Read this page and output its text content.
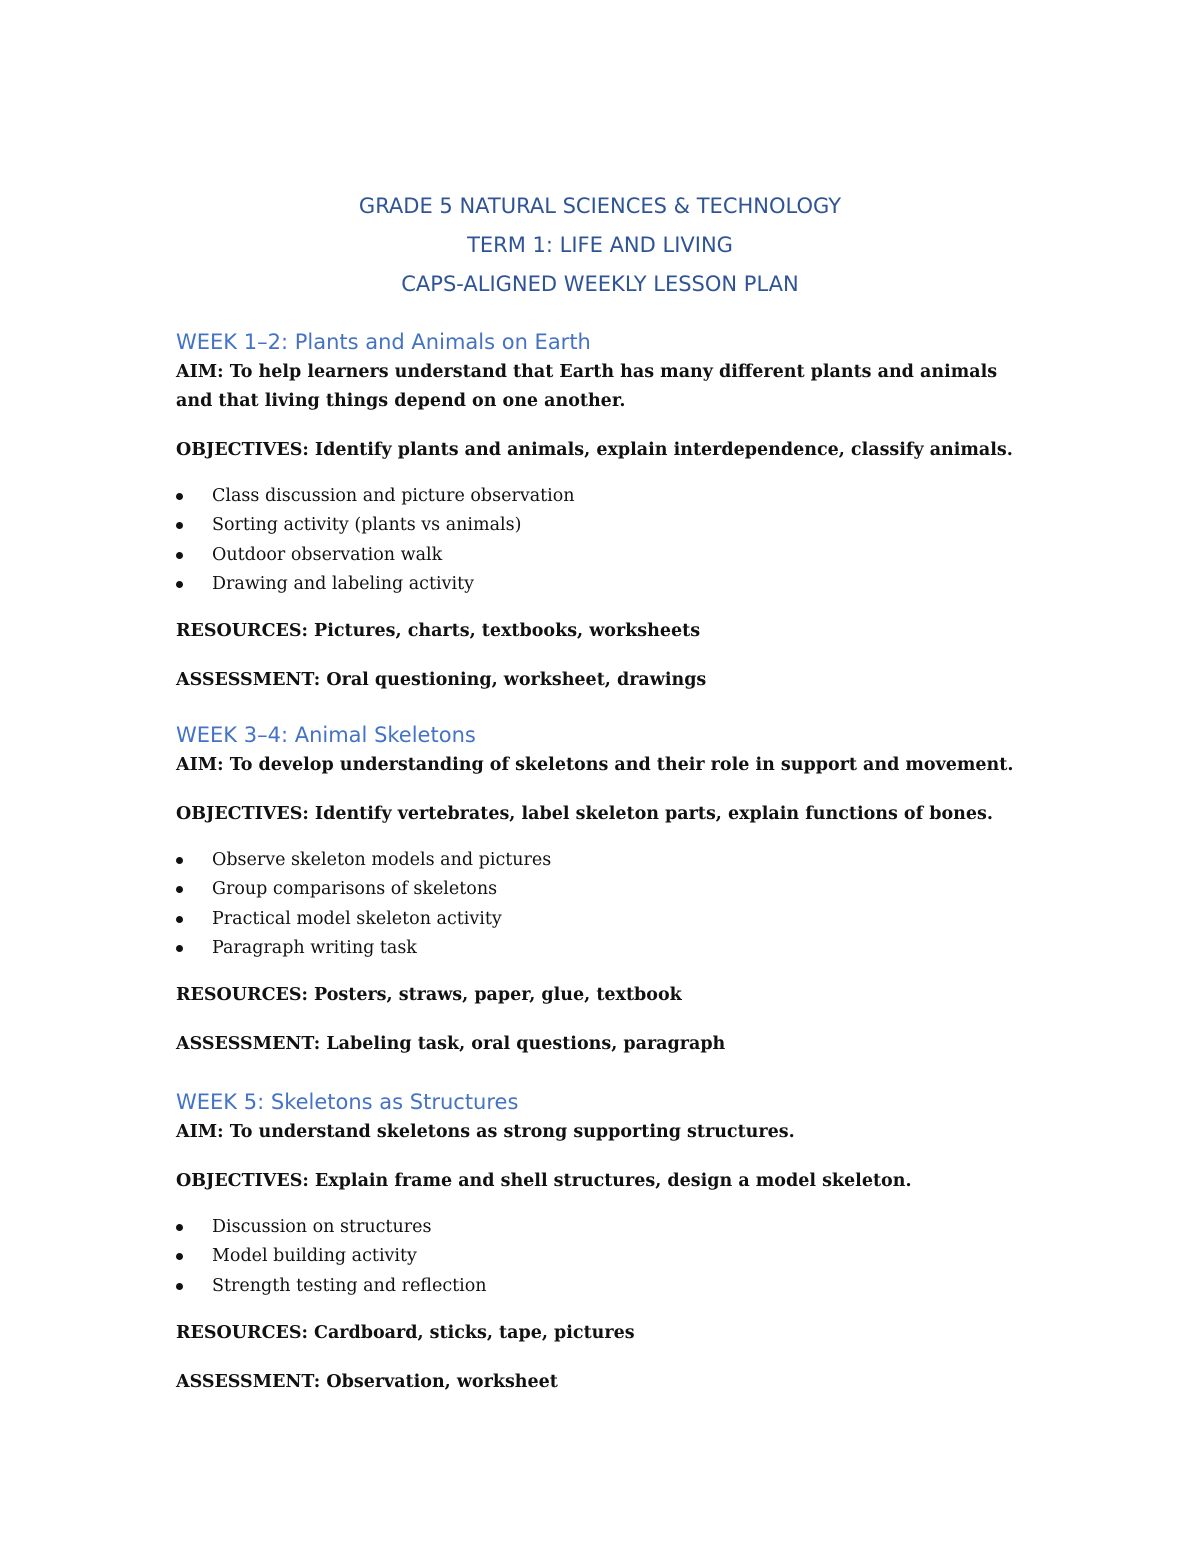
GRADE 5 NATURAL SCIENCES & TECHNOLOGY
TERM 1: LIFE AND LIVING
CAPS-ALIGNED WEEKLY LESSON PLAN
WEEK 1–2: Plants and Animals on Earth

AIM: To help learners understand that Earth has many different plants and animals and that living things depend on one another.

OBJECTIVES: Identify plants and animals, explain interdependence, classify animals.

Class discussion and picture observation
Sorting activity (plants vs animals)
Outdoor observation walk
Drawing and labeling activity

RESOURCES: Pictures, charts, textbooks, worksheets

ASSESSMENT: Oral questioning, worksheet, drawings

WEEK 3–4: Animal Skeletons

AIM: To develop understanding of skeletons and their role in support and movement.

OBJECTIVES: Identify vertebrates, label skeleton parts, explain functions of bones.

Observe skeleton models and pictures
Group comparisons of skeletons
Practical model skeleton activity
Paragraph writing task

RESOURCES: Posters, straws, paper, glue, textbook

ASSESSMENT: Labeling task, oral questions, paragraph

WEEK 5: Skeletons as Structures

AIM: To understand skeletons as strong supporting structures.

OBJECTIVES: Explain frame and shell structures, design a model skeleton.

Discussion on structures
Model building activity
Strength testing and reflection

RESOURCES: Cardboard, sticks, tape, pictures

ASSESSMENT: Observation, worksheet
